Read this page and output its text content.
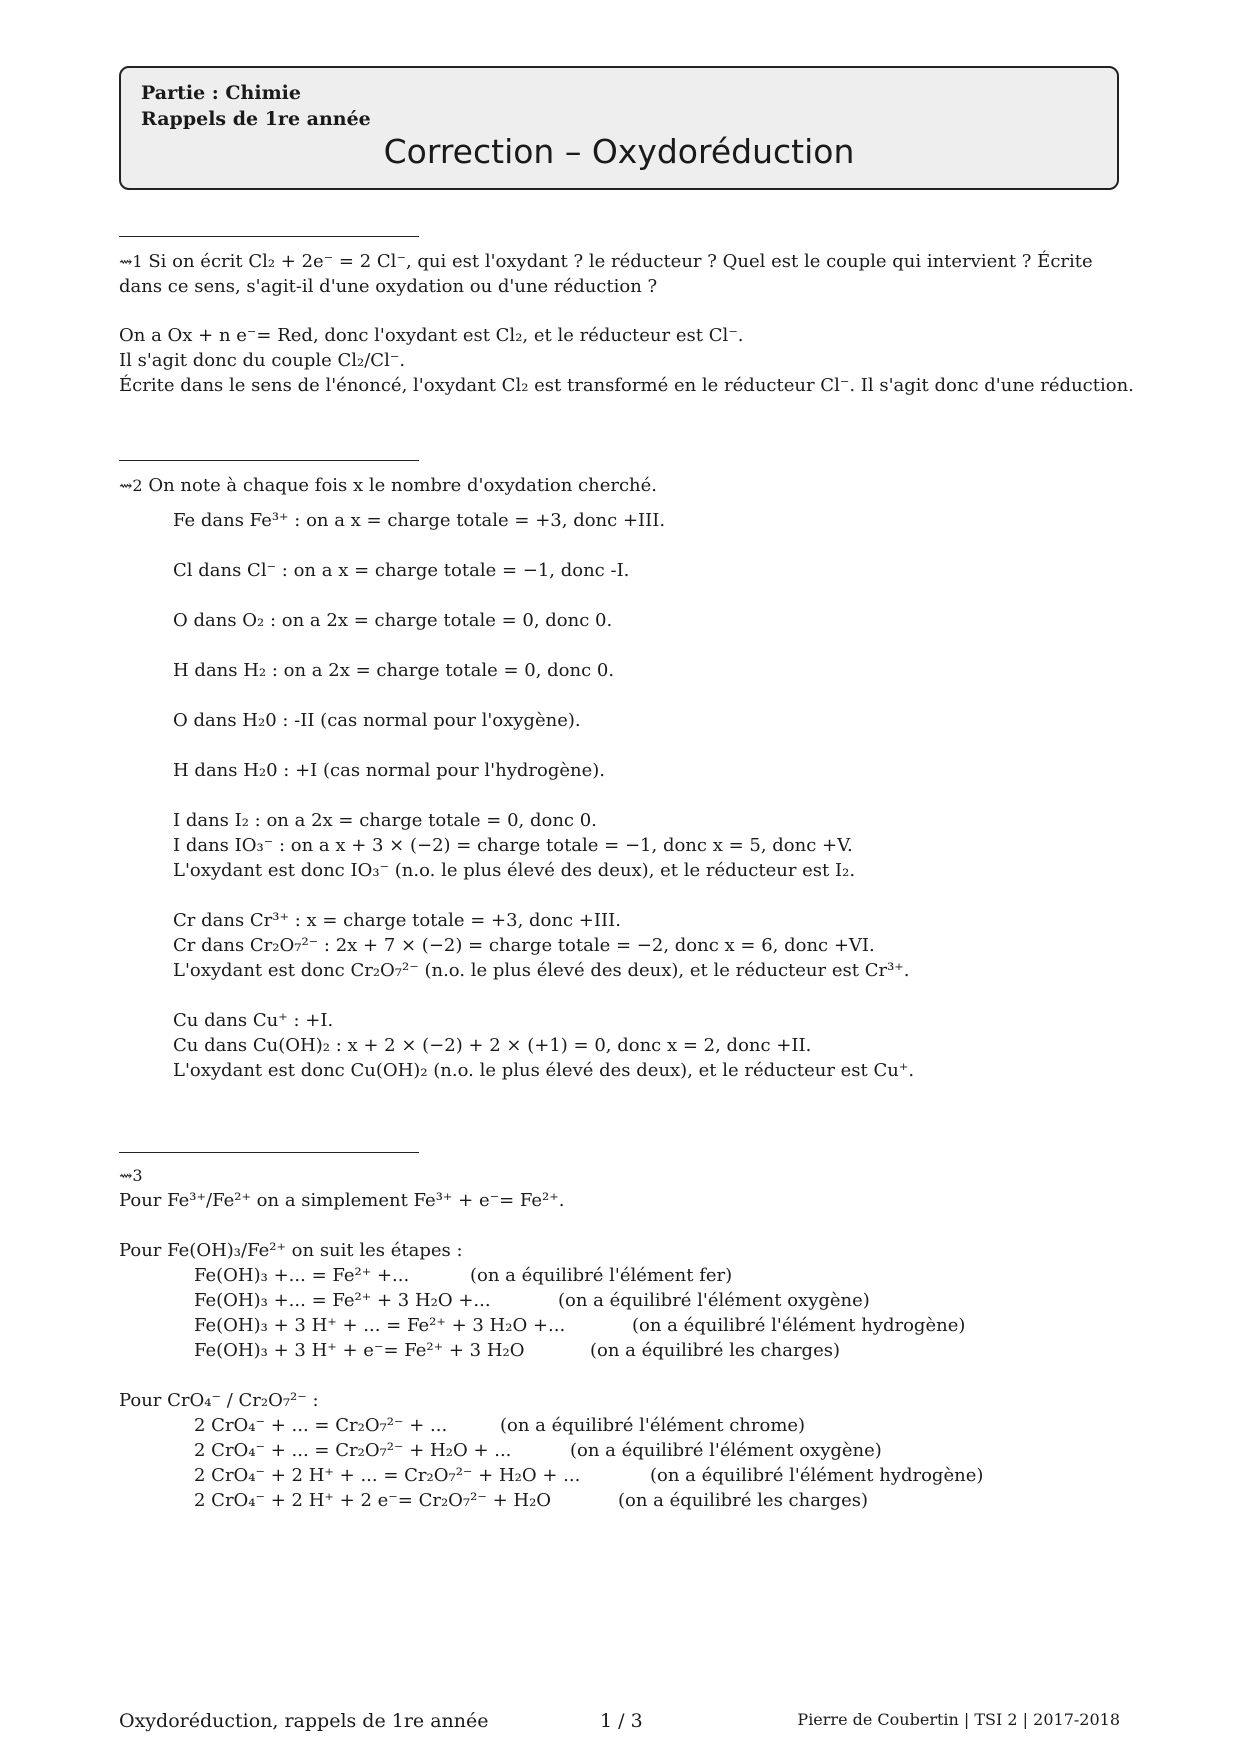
Partie : Chimie
Rappels de 1re année
Correction – Oxydoréduction
⇝1 Si on écrit Cl₂ + 2e⁻ = 2 Cl⁻, qui est l'oxydant ? le réducteur ? Quel est le couple qui intervient ? Écrite
dans ce sens, s'agit-il d'une oxydation ou d'une réduction ?
On a Ox + n e⁻= Red, donc l'oxydant est Cl₂, et le réducteur est Cl⁻.
Il s'agit donc du couple Cl₂/Cl⁻.
Écrite dans le sens de l'énoncé, l'oxydant Cl₂ est transformé en le réducteur Cl⁻. Il s'agit donc d'une réduction.
⇝2 On note à chaque fois x le nombre d'oxydation cherché.
Fe dans Fe³⁺ : on a x = charge totale = +3, donc +III.
Cl dans Cl⁻ : on a x = charge totale = −1, donc -I.
O dans O₂ : on a 2x = charge totale = 0, donc 0.
H dans H₂ : on a 2x = charge totale = 0, donc 0.
O dans H₂0 : -II (cas normal pour l'oxygène).
H dans H₂0 : +I (cas normal pour l'hydrogène).
I dans I₂ : on a 2x = charge totale = 0, donc 0.
I dans IO₃⁻ : on a x + 3 × (−2) = charge totale = −1, donc x = 5, donc +V.
L'oxydant est donc IO₃⁻ (n.o. le plus élevé des deux), et le réducteur est I₂.
Cr dans Cr³⁺ : x = charge totale = +3, donc +III.
Cr dans Cr₂O₇²⁻ : 2x + 7 × (−2) = charge totale = −2, donc x = 6, donc +VI.
L'oxydant est donc Cr₂O₇²⁻ (n.o. le plus élevé des deux), et le réducteur est Cr³⁺.
Cu dans Cu⁺ : +I.
Cu dans Cu(OH)₂ : x + 2 × (−2) + 2 × (+1) = 0, donc x = 2, donc +II.
L'oxydant est donc Cu(OH)₂ (n.o. le plus élevé des deux), et le réducteur est Cu⁺.
⇝3
Pour Fe³⁺/Fe²⁺ on a simplement Fe³⁺ + e⁻= Fe²⁺.
Pour Fe(OH)₃/Fe²⁺ on suit les étapes :
Fe(OH)₃ +... = Fe²⁺ +...	(on a équilibré l'élément fer)
Fe(OH)₃ +... = Fe²⁺ + 3 H₂O +...	(on a équilibré l'élément oxygène)
Fe(OH)₃ + 3 H⁺ + ... = Fe²⁺ + 3 H₂O +...	(on a équilibré l'élément hydrogène)
Fe(OH)₃ + 3 H⁺ + e⁻= Fe²⁺ + 3 H₂O	(on a équilibré les charges)
Pour CrO₄⁻ / Cr₂O₇²⁻ :
2 CrO₄⁻ + ... = Cr₂O₇²⁻ + ...	(on a équilibré l'élément chrome)
2 CrO₄⁻ + ... = Cr₂O₇²⁻ + H₂O + ...	(on a équilibré l'élément oxygène)
2 CrO₄⁻ + 2 H⁺ + ... = Cr₂O₇²⁻ + H₂O + ...	(on a équilibré l'élément hydrogène)
2 CrO₄⁻ + 2 H⁺ + 2 e⁻= Cr₂O₇²⁻ + H₂O	(on a équilibré les charges)
Oxydoréduction, rappels de 1re année	1 / 3	Pierre de Coubertin | TSI 2 | 2017-2018
